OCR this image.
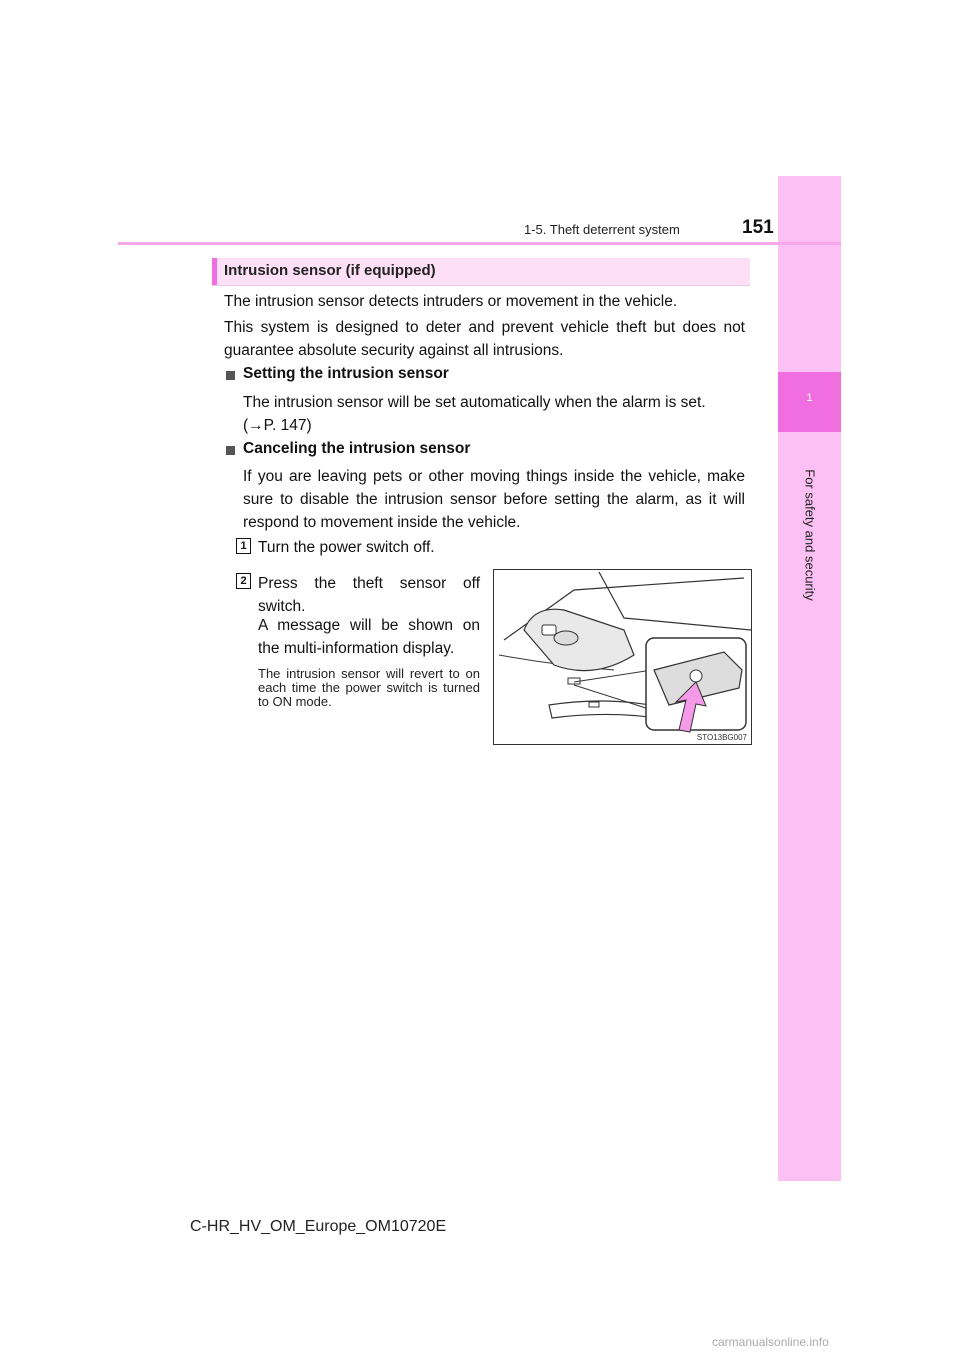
1
For safety and security
1-5. Theft deterrent system	151
Intrusion sensor (if equipped)
The intrusion sensor detects intruders or movement in the vehicle.
This system is designed to deter and prevent vehicle theft but does not guarantee absolute security against all intrusions.
Setting the intrusion sensor
The intrusion sensor will be set automatically when the alarm is set.
(→P. 147)
Canceling the intrusion sensor
If you are leaving pets or other moving things inside the vehicle, make sure to disable the intrusion sensor before setting the alarm, as it will respond to movement inside the vehicle.
1 Turn the power switch off.
2 Press the theft sensor off
switch.
A message will be shown on
the multi-information display.
The intrusion sensor will revert to on each time the power switch is turned to ON mode.
STO13BG007
C-HR_HV_OM_Europe_OM10720E
carmanualsonline.info
